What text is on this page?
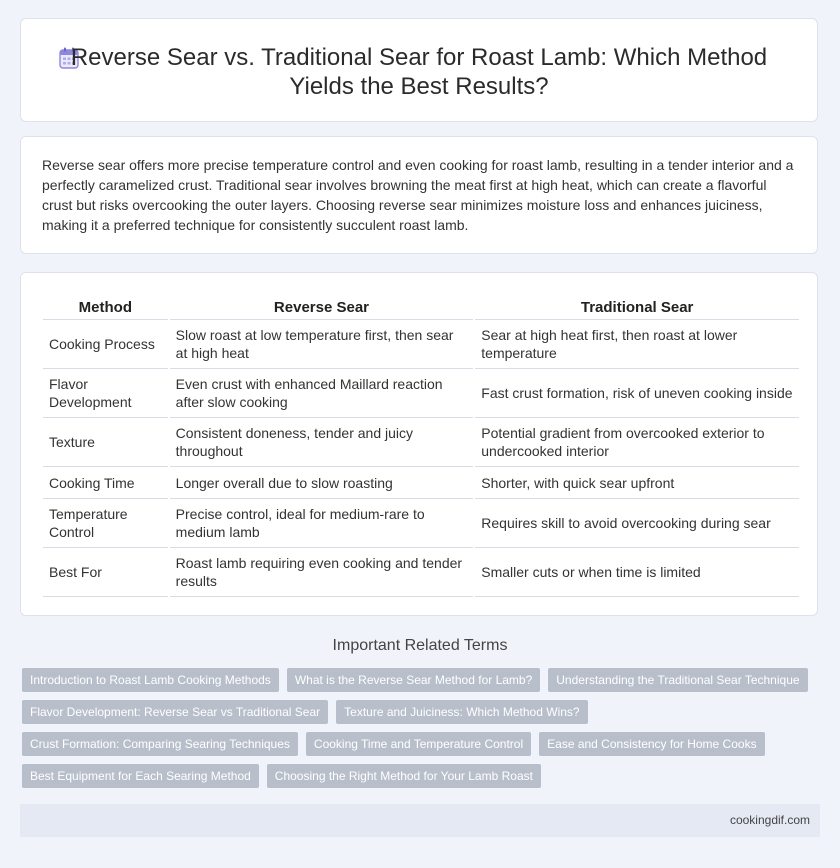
Reverse Sear vs. Traditional Sear for Roast Lamb: Which Method Yields the Best Results?

Reverse sear offers more precise temperature control and even cooking for roast lamb, resulting in a tender interior and a perfectly caramelized crust. Traditional sear involves browning the meat first at high heat, which can create a flavorful crust but risks overcooking the outer layers. Choosing reverse sear minimizes moisture loss and enhances juiciness, making it a preferred technique for consistently succulent roast lamb.

Method	Reverse Sear	Traditional Sear
Cooking Process	Slow roast at low temperature first, then sear at high heat	Sear at high heat first, then roast at lower temperature
Flavor Development	Even crust with enhanced Maillard reaction after slow cooking	Fast crust formation, risk of uneven cooking inside
Texture	Consistent doneness, tender and juicy throughout	Potential gradient from overcooked exterior to undercooked interior
Cooking Time	Longer overall due to slow roasting	Shorter, with quick sear upfront
Temperature Control	Precise control, ideal for medium-rare to medium lamb	Requires skill to avoid overcooking during sear
Best For	Roast lamb requiring even cooking and tender results	Smaller cuts or when time is limited
Important Related Terms
Introduction to Roast Lamb Cooking Methods	What is the Reverse Sear Method for Lamb?	Understanding the Traditional Sear Technique
Flavor Development: Reverse Sear vs Traditional Sear	Texture and Juiciness: Which Method Wins?
Crust Formation: Comparing Searing Techniques	Cooking Time and Temperature Control	Ease and Consistency for Home Cooks
Best Equipment for Each Searing Method	Choosing the Right Method for Your Lamb Roast
cookingdif.com
